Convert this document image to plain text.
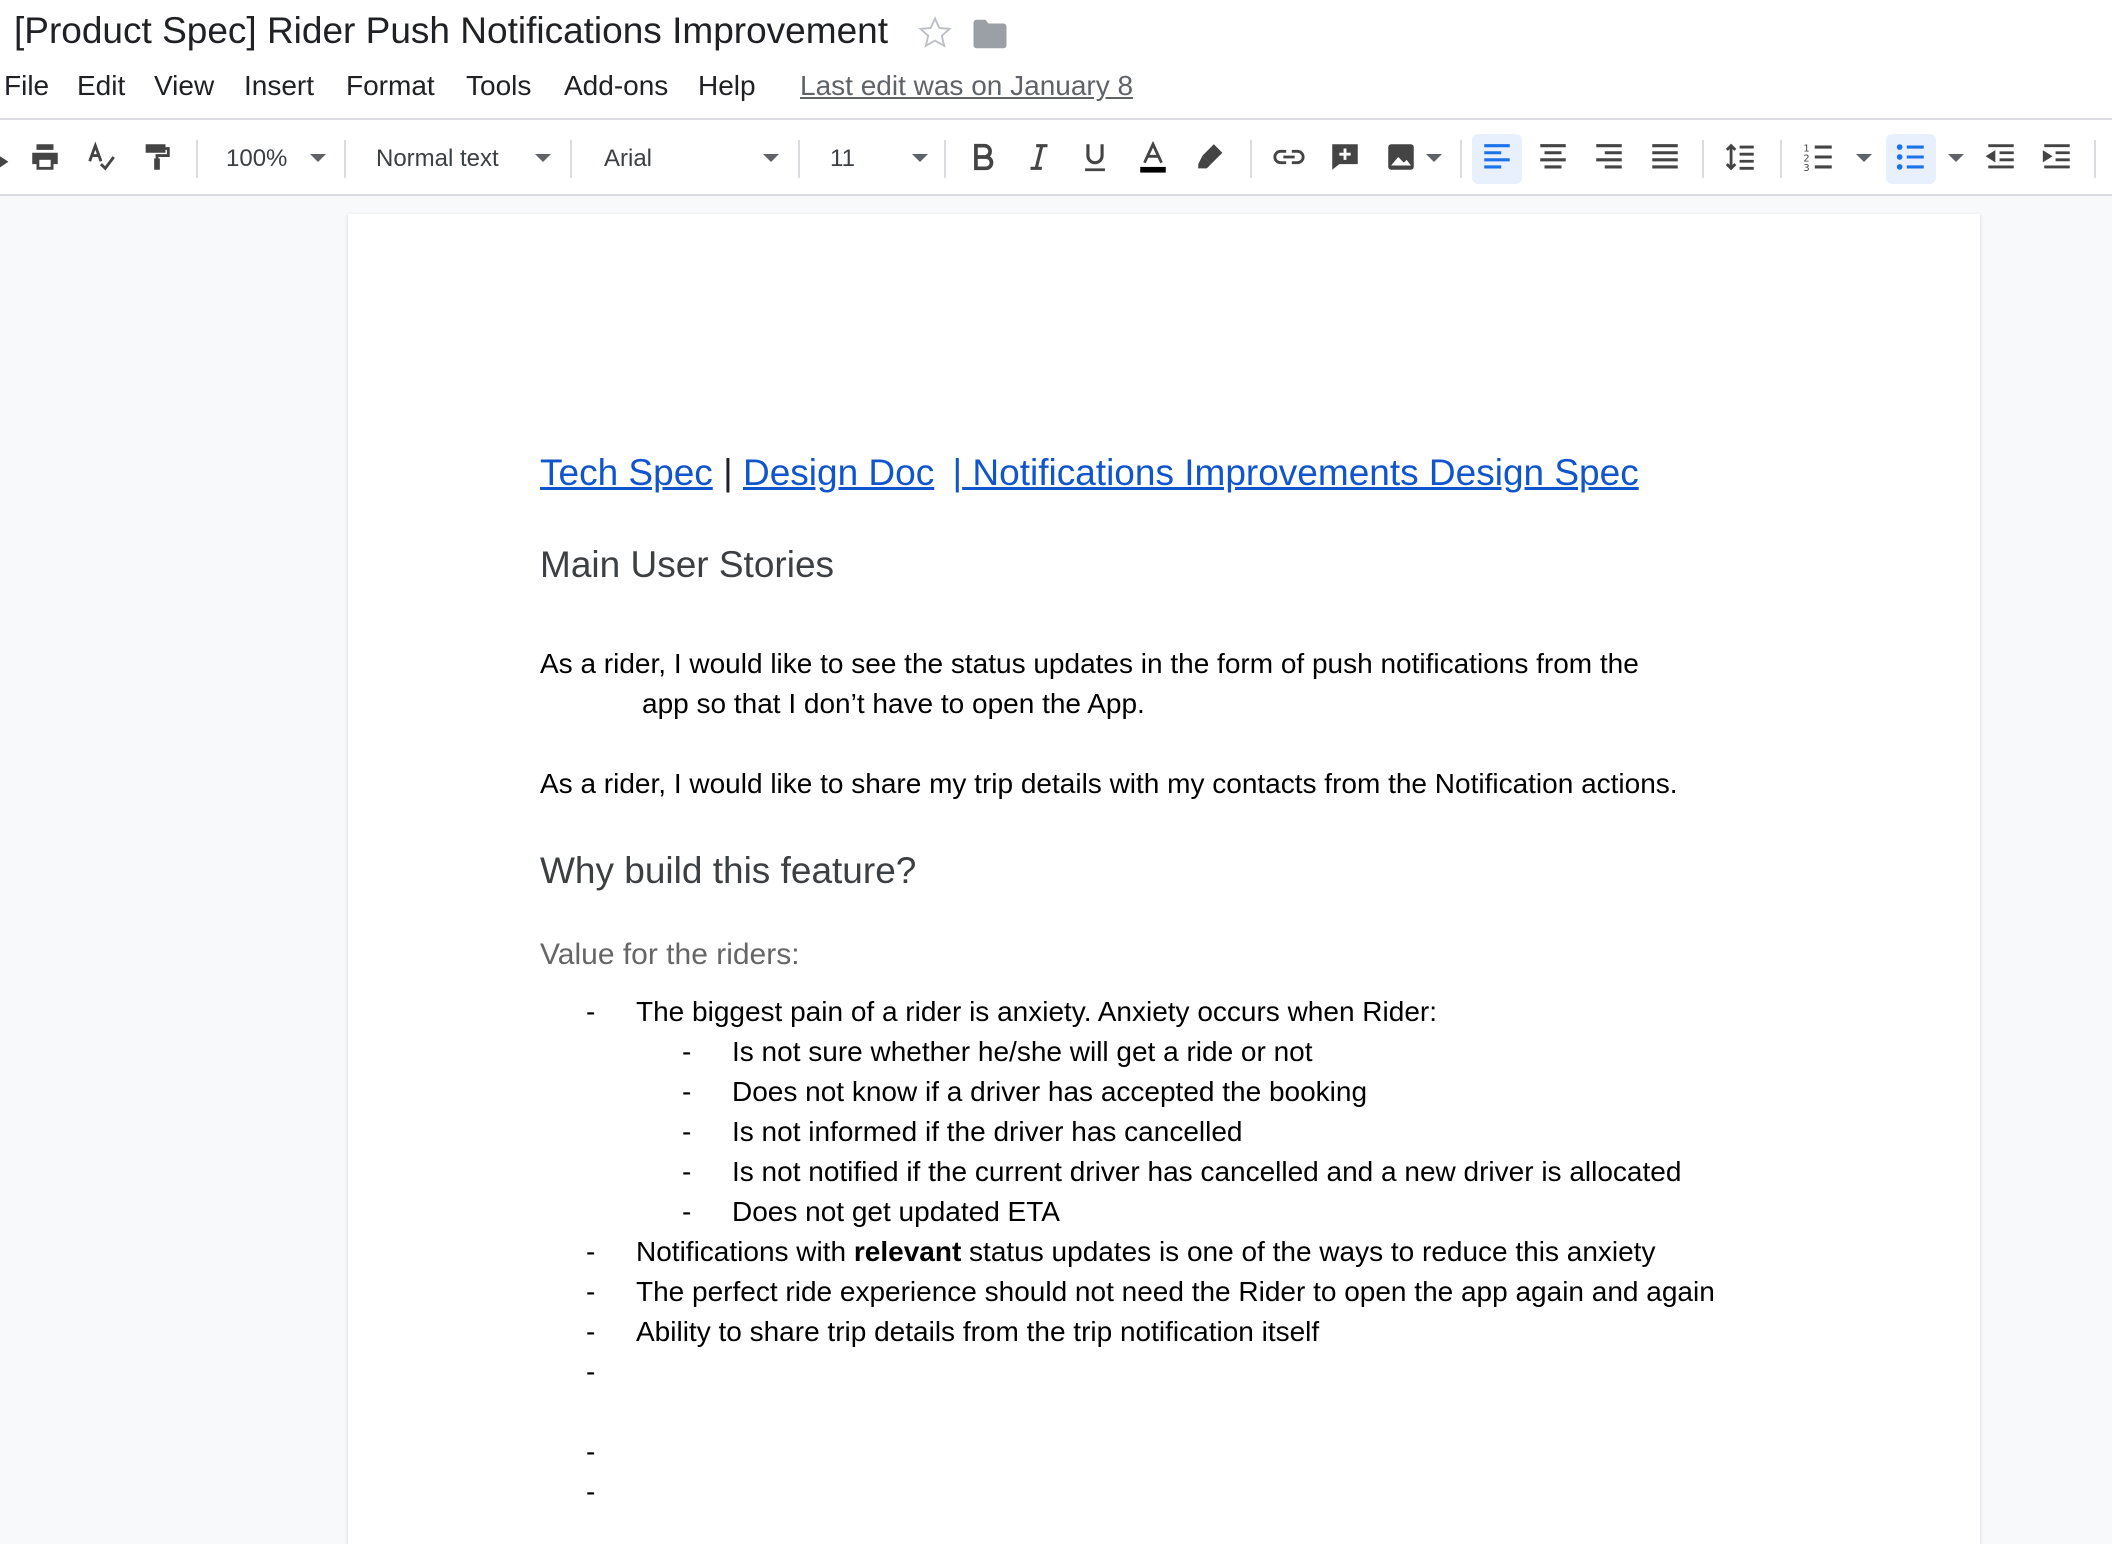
[Product Spec] Rider Push Notifications Improvement
File Edit View Insert Format Tools Add-ons Help Last edit was on January 8
100%	Normal text	Arial	11	1
2
3
Tech Spec | Design Doc | Notifications Improvements Design Spec
Main User Stories
As a rider, I would like to see the status updates in the form of push notifications from the
app so that I don’t have to open the App.
As a rider, I would like to share my trip details with my contacts from the Notification actions.
Why build this feature?
Value for the riders:
- The biggest pain of a rider is anxiety. Anxiety occurs when Rider:
- Is not sure whether he/she will get a ride or not
- Does not know if a driver has accepted the booking
- Is not informed if the driver has cancelled
- Is not notified if the current driver has cancelled and a new driver is allocated
- Does not get updated ETA
- Notifications with relevant status updates is one of the ways to reduce this anxiety
- The perfect ride experience should not need the Rider to open the app again and again
- Ability to share trip details from the trip notification itself
-
-
-
